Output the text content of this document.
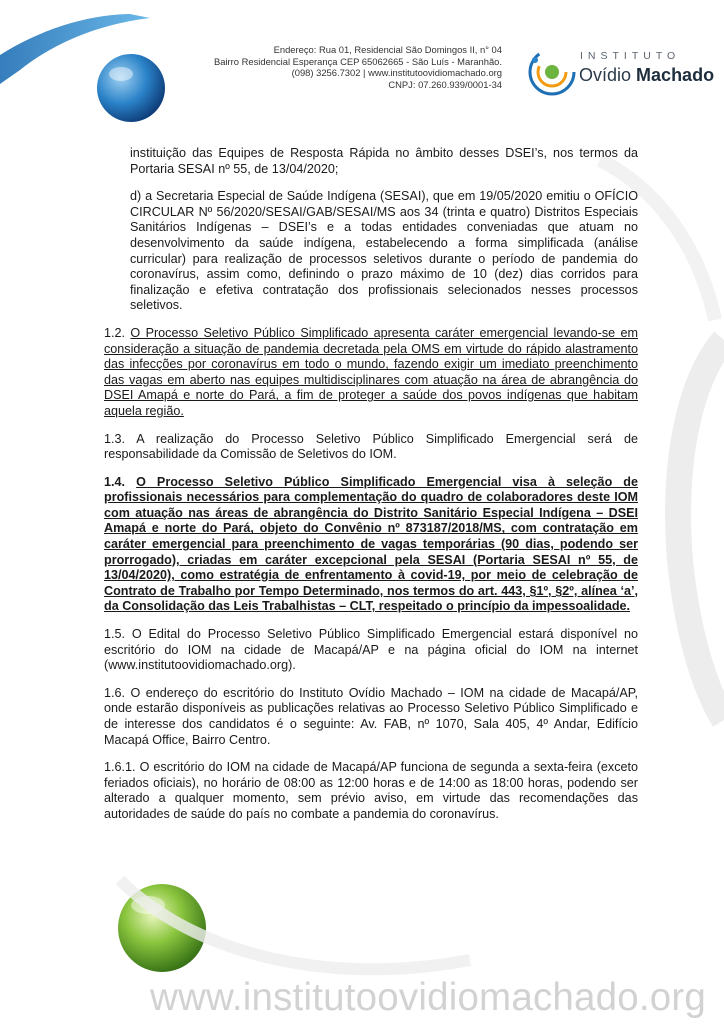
Endereço: Rua 01, Residencial São Domingos II, n° 04
Bairro Residencial Esperança CEP 65062665 - São Luís - Maranhão.
(098) 3256.7302 | www.institutoovidiomachado.org
CNPJ: 07.260.939/0001-34
INSTITUTO
Ovídio Machado

instituição das Equipes de Resposta Rápida no âmbito desses DSEI’s, nos termos da Portaria SESAI nº 55, de 13/04/2020;

d) a Secretaria Especial de Saúde Indígena (SESAI), que em 19/05/2020 emitiu o OFÍCIO CIRCULAR Nº 56/2020/SESAI/GAB/SESAI/MS aos 34 (trinta e quatro) Distritos Especiais Sanitários Indígenas – DSEI’s e a todas entidades conveniadas que atuam no desenvolvimento da saúde indígena, estabelecendo a forma simplificada (análise curricular) para realização de processos seletivos durante o período de pandemia do coronavírus, assim como, definindo o prazo máximo de 10 (dez) dias corridos para finalização e efetiva contratação dos profissionais selecionados nesses processos seletivos.

1.2. O Processo Seletivo Público Simplificado apresenta caráter emergencial levando-se em consideração a situação de pandemia decretada pela OMS em virtude do rápido alastramento das infecções por coronavírus em todo o mundo, fazendo exigir um imediato preenchimento das vagas em aberto nas equipes multidisciplinares com atuação na área de abrangência do DSEI Amapá e norte do Pará, a fim de proteger a saúde dos povos indígenas que habitam aquela região.

1.3. A realização do Processo Seletivo Público Simplificado Emergencial será de responsabilidade da Comissão de Seletivos do IOM.

1.4. O Processo Seletivo Público Simplificado Emergencial visa à seleção de profissionais necessários para complementação do quadro de colaboradores deste IOM com atuação nas áreas de abrangência do Distrito Sanitário Especial Indígena – DSEI Amapá e norte do Pará, objeto do Convênio nº 873187/2018/MS, com contratação em caráter emergencial para preenchimento de vagas temporárias (90 dias, podendo ser prorrogado), criadas em caráter excepcional pela SESAI (Portaria SESAI nº 55, de 13/04/2020), como estratégia de enfrentamento à covid-19, por meio de celebração de Contrato de Trabalho por Tempo Determinado, nos termos do art. 443, §1º, §2º, alínea ‘a’, da Consolidação das Leis Trabalhistas – CLT, respeitado o princípio da impessoalidade.

1.5. O Edital do Processo Seletivo Público Simplificado Emergencial estará disponível no escritório do IOM na cidade de Macapá/AP e na página oficial do IOM na internet (www.institutoovidiomachado.org).

1.6. O endereço do escritório do Instituto Ovídio Machado – IOM na cidade de Macapá/AP, onde estarão disponíveis as publicações relativas ao Processo Seletivo Público Simplificado e de interesse dos candidatos é o seguinte: Av. FAB, nº 1070, Sala 405, 4º Andar, Edifício Macapá Office, Bairro Centro.

1.6.1. O escritório do IOM na cidade de Macapá/AP funciona de segunda a sexta-feira (exceto feriados oficiais), no horário de 08:00 as 12:00 horas e de 14:00 as 18:00 horas, podendo ser alterado a qualquer momento, sem prévio aviso, em virtude das recomendações das autoridades de saúde do país no combate a pandemia do coronavírus.

www.institutoovidiomachado.org
